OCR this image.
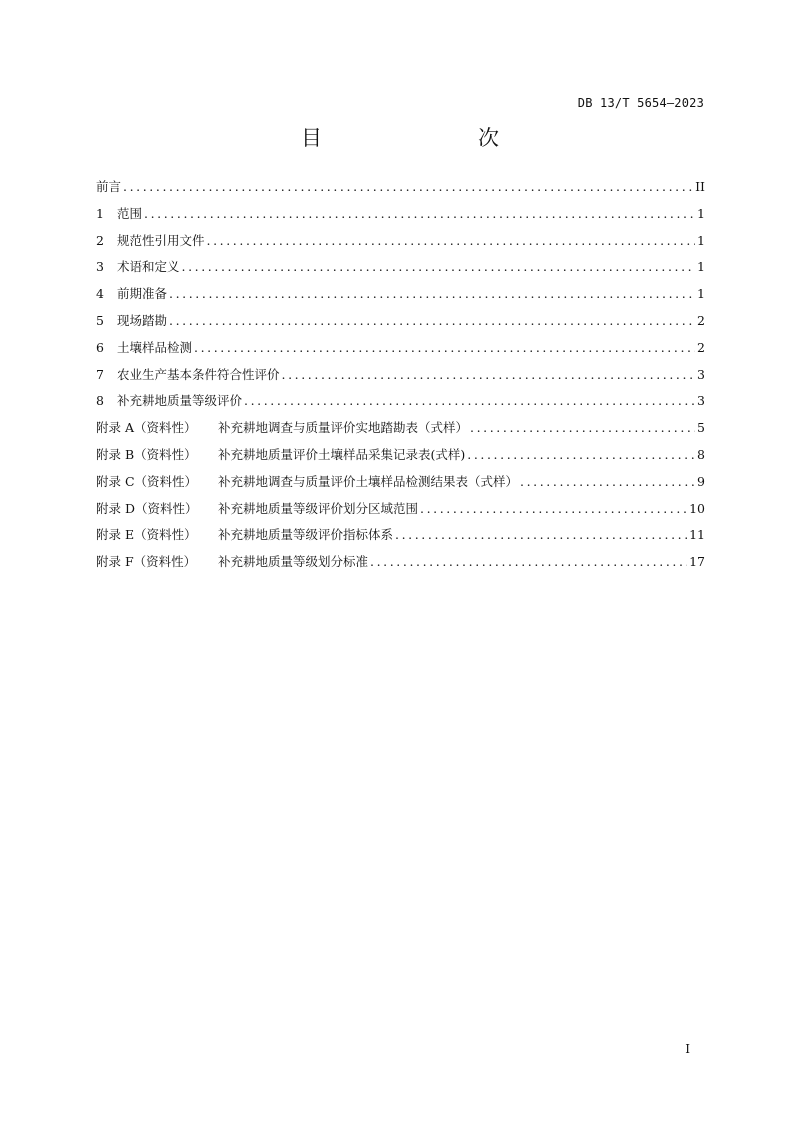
DB 13/T 5654—2023
目　　次
前言 .....	II
1 范围 .....	1
2 规范性引用文件 .....	1
3 术语和定义 .....	1
4 前期准备 .....	1
5 现场踏勘 .....	2
6 土壤样品检测 .....	2
7 农业生产基本条件符合性评价 .....	3
8 补充耕地质量等级评价 .....	3
附录 A（资料性） 补充耕地调查与质量评价实地踏勘表（式样） .....	5
附录 B（资料性） 补充耕地质量评价土壤样品采集记录表(式样) .....	8
附录 C（资料性） 补充耕地调查与质量评价土壤样品检测结果表（式样） .....	9
附录 D（资料性） 补充耕地质量等级评价划分区域范围 .....	10
附录 E（资料性） 补充耕地质量等级评价指标体系 .....	11
附录 F（资料性） 补充耕地质量等级划分标准 .....	17
I
